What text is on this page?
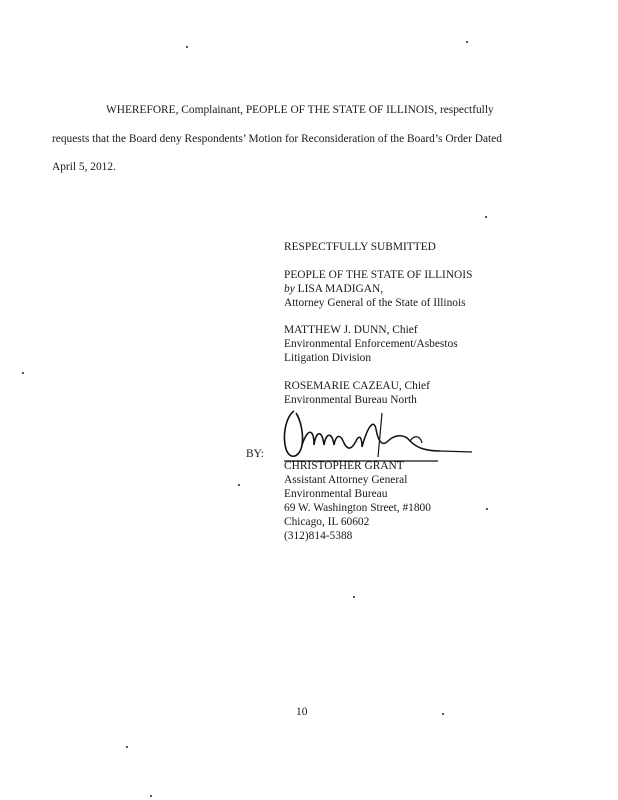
WHEREFORE, Complainant, PEOPLE OF THE STATE OF ILLINOIS, respectfully
requests that the Board deny Respondents’ Motion for Reconsideration of the Board’s Order Dated
April 5, 2012.
RESPECTFULLY SUBMITTED
PEOPLE OF THE STATE OF ILLINOIS
by LISA MADIGAN,
Attorney General of the State of Illinois
MATTHEW J. DUNN, Chief
Environmental Enforcement/Asbestos
Litigation Division
ROSEMARIE CAZEAU, Chief
Environmental Bureau North
BY:
CHRISTOPHER GRANT
Assistant Attorney General
Environmental Bureau
69 W. Washington Street, #1800
Chicago, IL 60602
(312)814-5388
10
